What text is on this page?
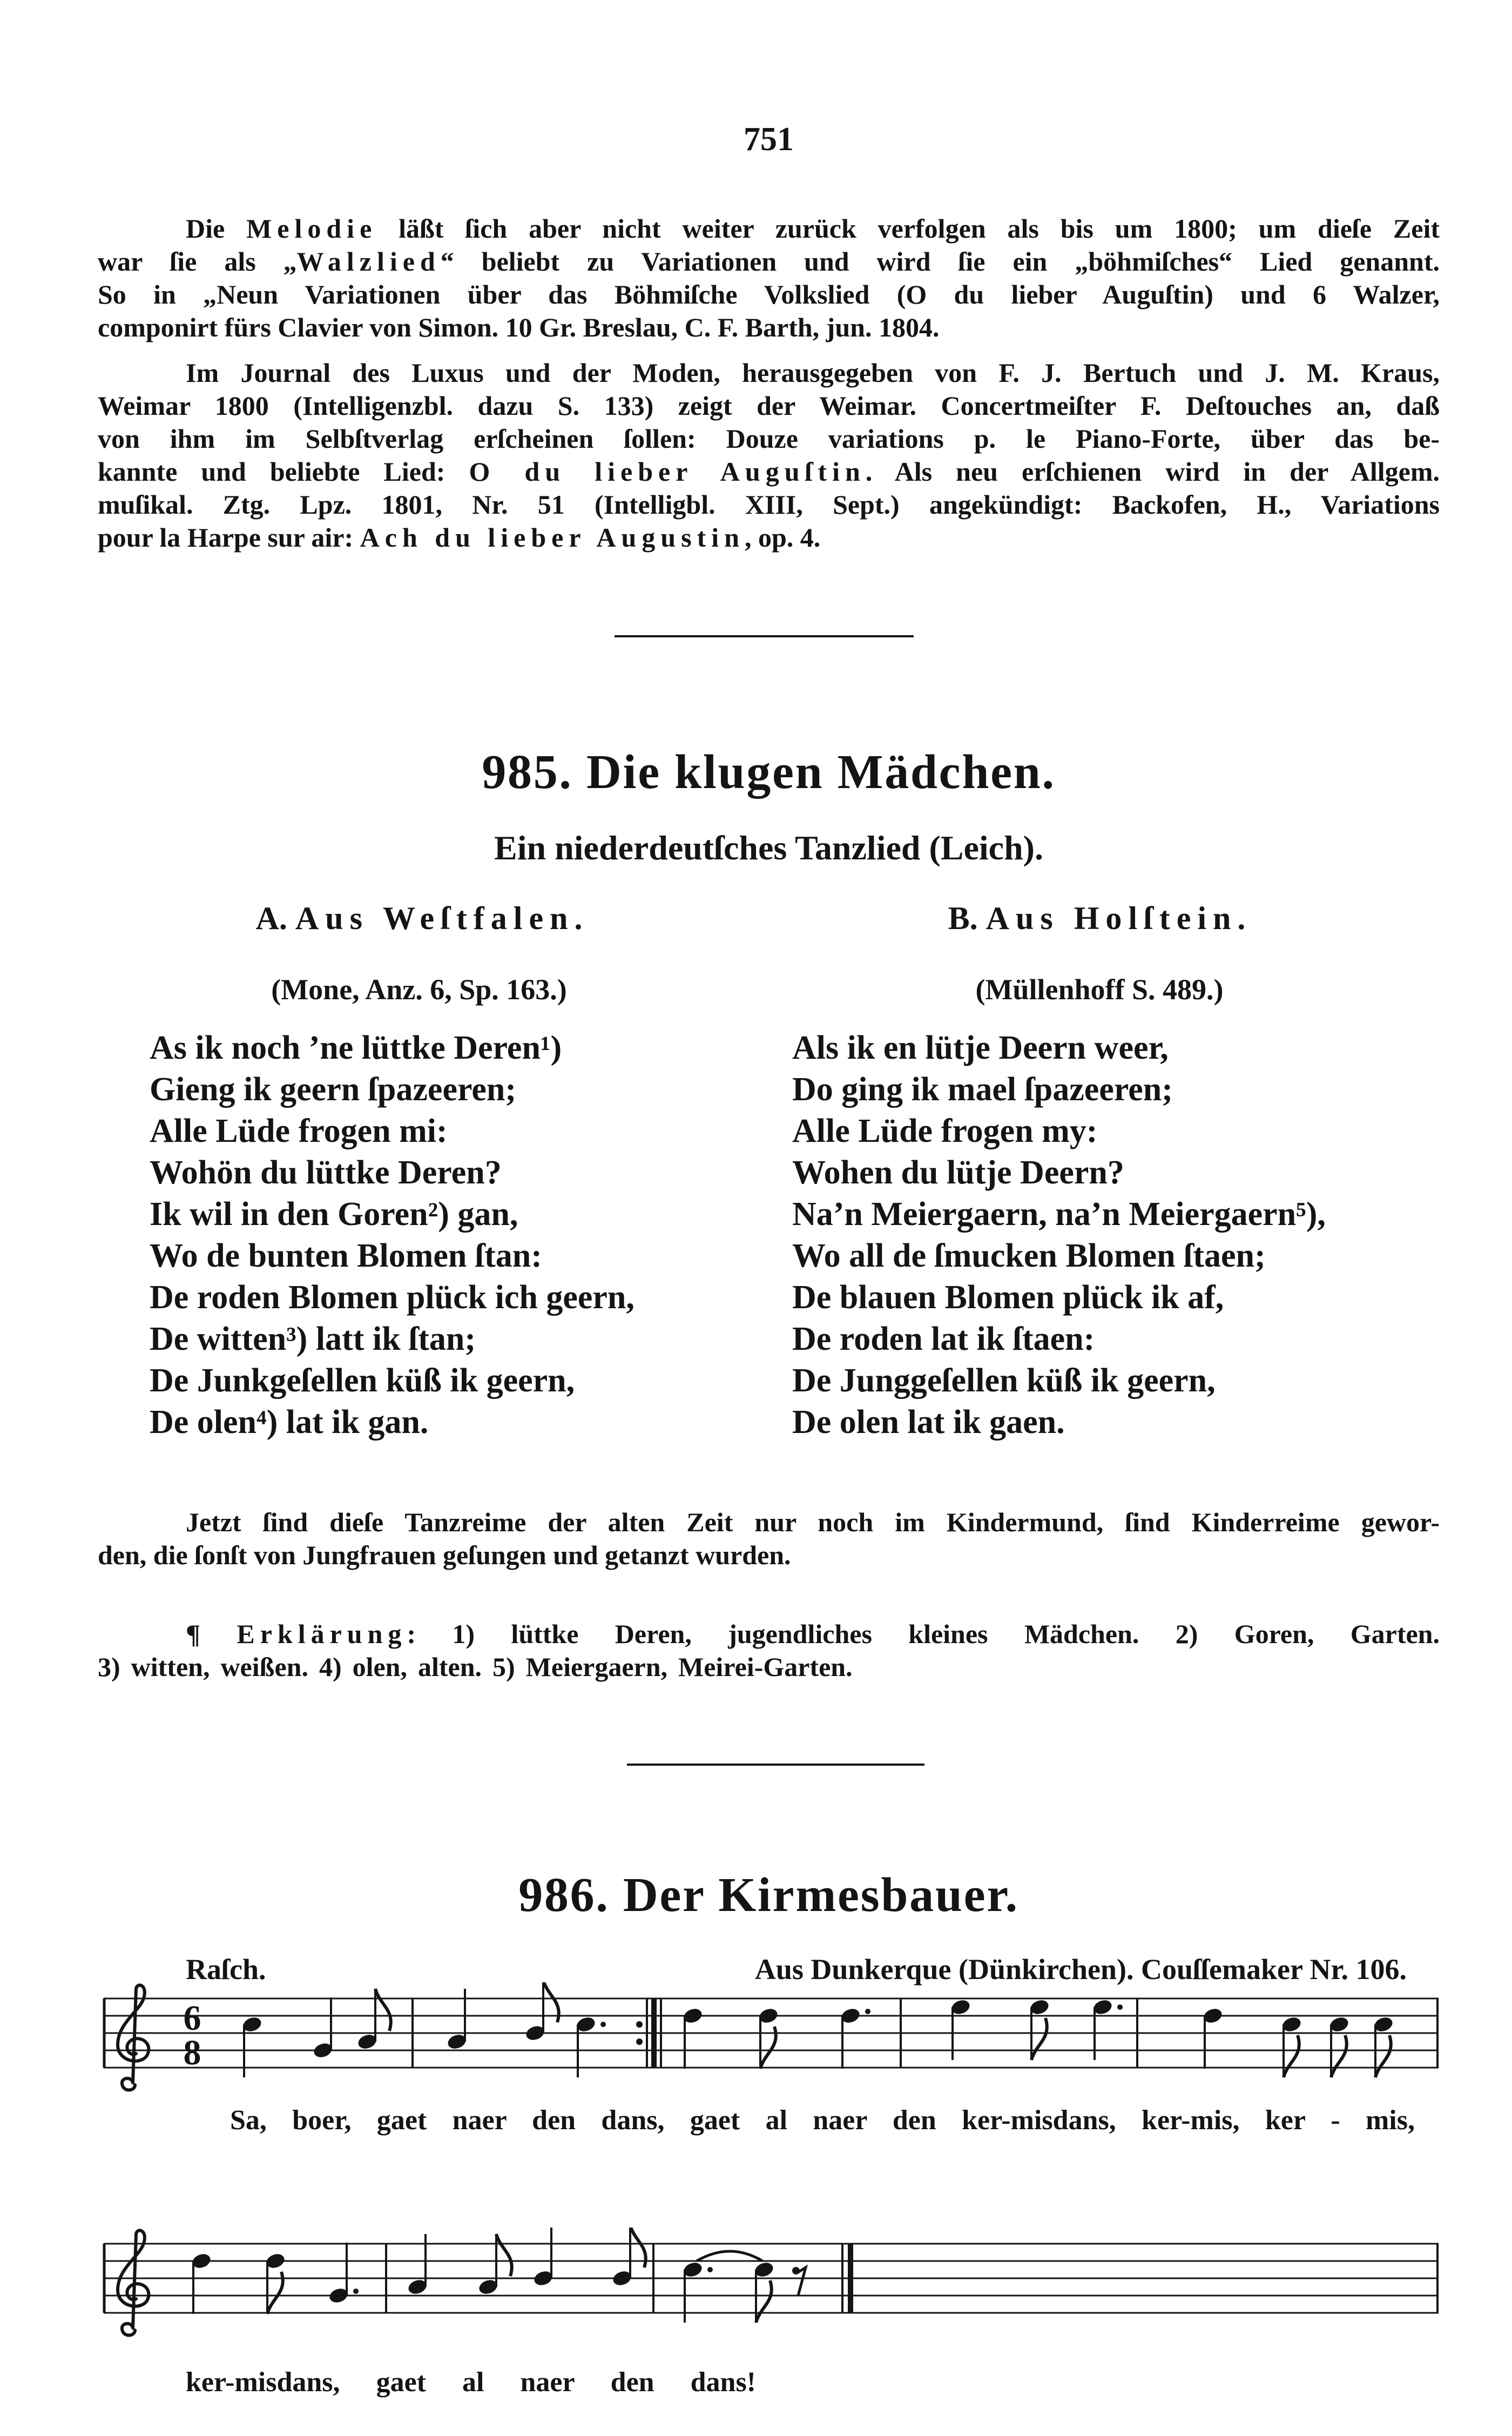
751
Die Melodie läßt ſich aber nicht weiter zurück verfolgen als bis um 1800; um dieſe Zeit
war ſie als „Walzlied“ beliebt zu Variationen und wird ſie ein „böhmiſches“ Lied genannt.
So in „Neun Variationen über das Böhmiſche Volkslied (O du lieber Auguſtin) und 6 Walzer,
componirt fürs Clavier von Simon. 10 Gr. Breslau, C. F. Barth, jun. 1804.
Im Journal des Luxus und der Moden, herausgegeben von F. J. Bertuch und J. M. Kraus,
Weimar 1800 (Intelligenzbl. dazu S. 133) zeigt der Weimar. Concertmeiſter F. Deſtouches an, daß
von ihm im Selbſtverlag erſcheinen ſollen: Douze variations p. le Piano-Forte, über das be-
kannte und beliebte Lied: O du lieber Auguſtin. Als neu erſchienen wird in der Allgem.
muſikal. Ztg. Lpz. 1801, Nr. 51 (Intelligbl. XIII, Sept.) angekündigt: Backofen, H., Variations
pour la Harpe sur air: Ach du lieber Augustin, op. 4.
985. Die klugen Mädchen.
Ein niederdeutſches Tanzlied (Leich).
A. Aus Weſtfalen.	B. Aus Holſtein.
(Mone, Anz. 6, Sp. 163.)	(Müllenhoff S. 489.)
As ik noch ’ne lüttke Deren¹)
Gieng ik geern ſpazeeren;
Alle Lüde frogen mi:
Wohön du lüttke Deren?
Ik wil in den Goren²) gan,
Wo de bunten Blomen ſtan:
De roden Blomen plück ich geern,
De witten³) latt ik ſtan;
De Junkgeſellen küß ik geern,
De olen⁴) lat ik gan.
Als ik en lütje Deern weer,
Do ging ik mael ſpazeeren;
Alle Lüde frogen my:
Wohen du lütje Deern?
Na’n Meiergaern, na’n Meiergaern⁵),
Wo all de ſmucken Blomen ſtaen;
De blauen Blomen plück ik af,
De roden lat ik ſtaen:
De Junggeſellen küß ik geern,
De olen lat ik gaen.
Jetzt ſind dieſe Tanzreime der alten Zeit nur noch im Kindermund, ſind Kinderreime gewor-
den, die ſonſt von Jungfrauen geſungen und getanzt wurden.
¶ Erklärung: 1) lüttke Deren, jugendliches kleines Mädchen. 2) Goren, Garten.
3) witten, weißen. 4) olen, alten. 5) Meiergaern, Meirei-Garten.
986. Der Kirmesbauer.
Raſch.	Aus Dunkerque (Dünkirchen). Couſſemaker Nr. 106.
6
8
Sa, boer, gaet naer den dans, gaet al naer den ker-misdans, ker-mis, ker - mis,
ker-misdans, gaet al naer den dans!
